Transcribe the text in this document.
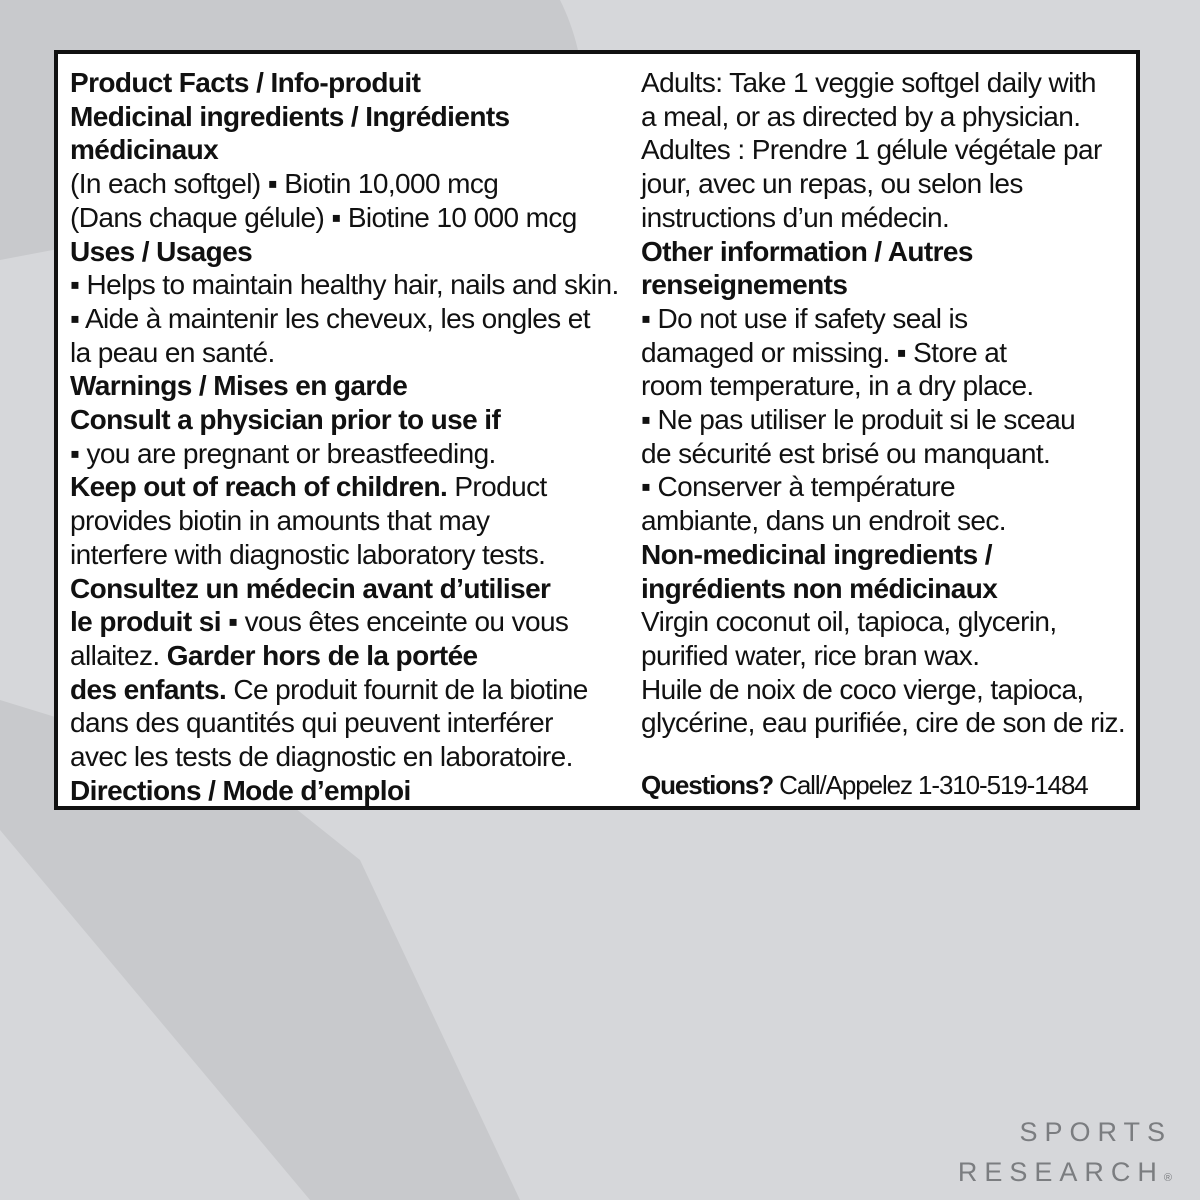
Product Facts / Info-produit

Medicinal ingredients / Ingrédients

médicinaux

(In each softgel) ▪ Biotin 10,000 mcg

(Dans chaque gélule) ▪ Biotine 10 000 mcg

Uses / Usages

▪ Helps to maintain healthy hair, nails and skin.

▪ Aide à maintenir les cheveux, les ongles et

la peau en santé.

Warnings / Mises en garde

Consult a physician prior to use if

▪ you are pregnant or breastfeeding.

Keep out of reach of children. Product

provides biotin in amounts that may

interfere with diagnostic laboratory tests.

Consultez un médecin avant d’utiliser

le produit si ▪ vous êtes enceinte ou vous

allaitez. Garder hors de la portée

des enfants. Ce produit fournit de la biotine

dans des quantités qui peuvent interférer

avec les tests de diagnostic en laboratoire.

Directions / Mode d’emploi

Adults: Take 1 veggie softgel daily with

a meal, or as directed by a physician.

Adultes : Prendre 1 gélule végétale par

jour, avec un repas, ou selon les

instructions d’un médecin.

Other information / Autres

renseignements

▪ Do not use if safety seal is

damaged or missing. ▪ Store at

room temperature, in a dry place.

▪ Ne pas utiliser le produit si le sceau

de sécurité est brisé ou manquant.

▪ Conserver à température

ambiante, dans un endroit sec.

Non-medicinal ingredients /

ingrédients non médicinaux

Virgin coconut oil, tapioca, glycerin,

purified water, rice bran wax.

Huile de noix de coco vierge, tapioca,

glycérine, eau purifiée, cire de son de riz.

Questions? Call/Appelez 1-310-519-1484
SPORTS
RESEARCH®
